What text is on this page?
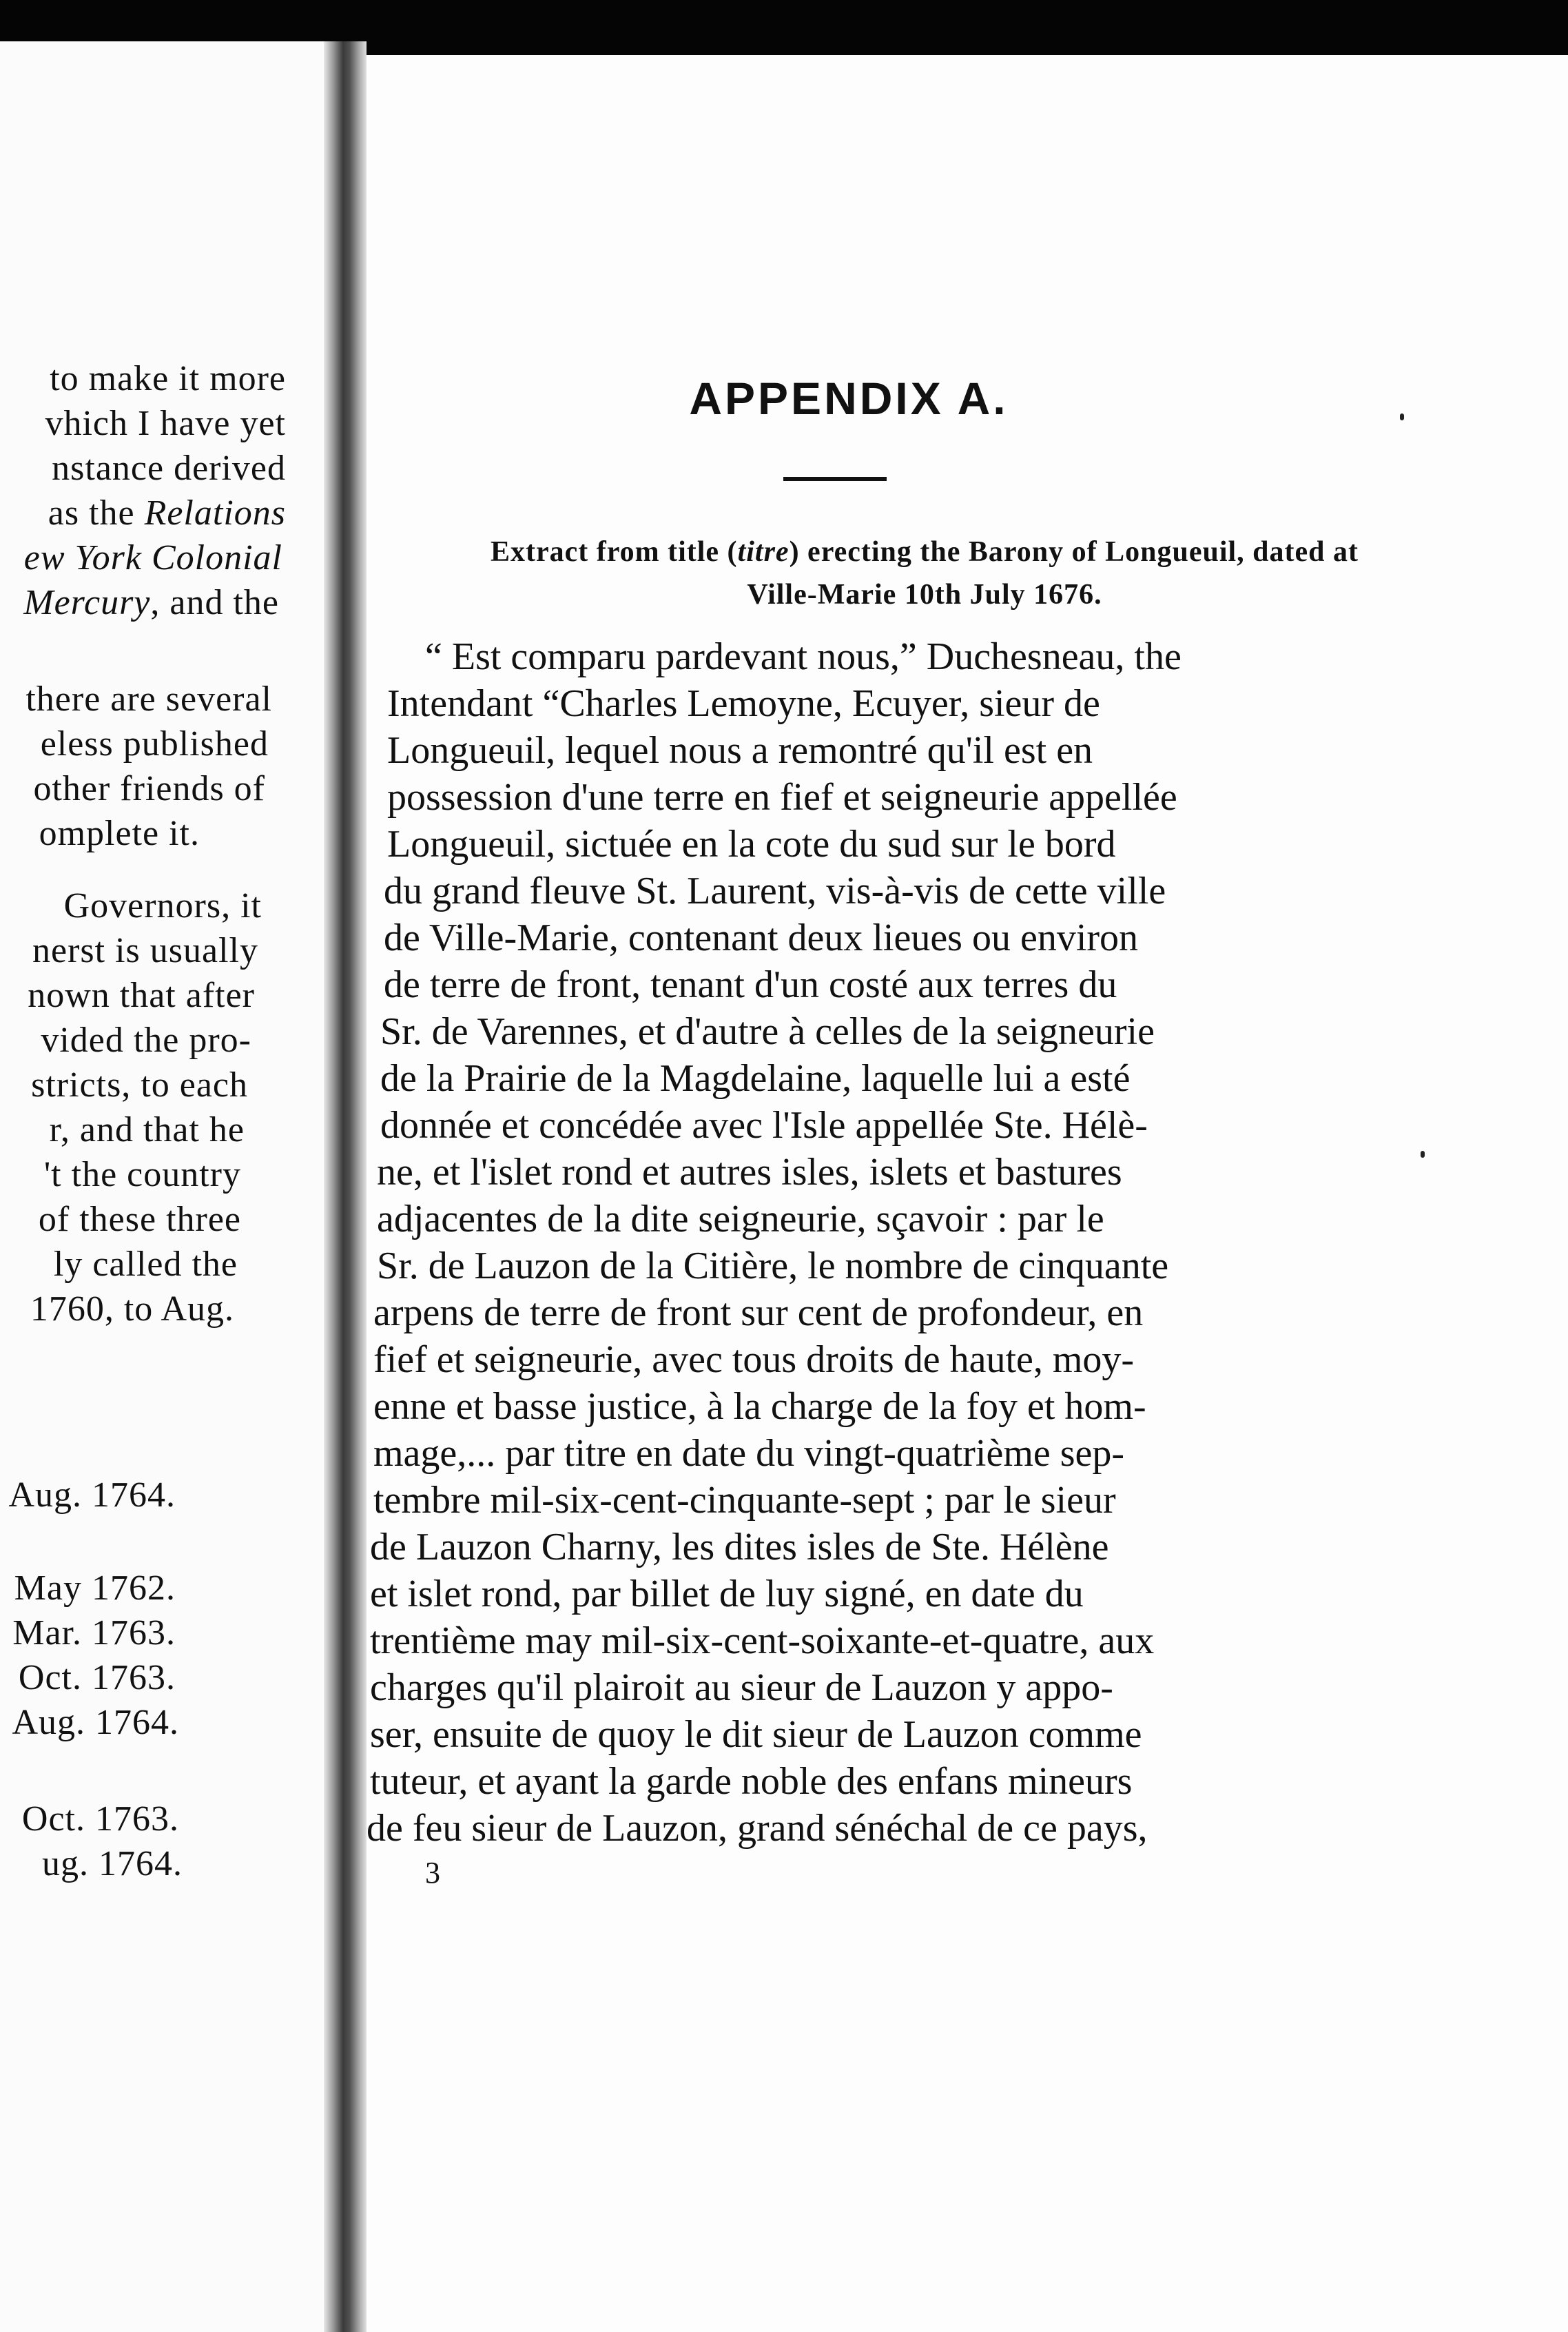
to make it more
vhich I have yet
nstance derived
as the Relations
ew York Colonial
Mercury, and the
there are several
eless published
other friends of
omplete it.
Governors, it
nerst is usually
nown that after
vided the pro-
stricts, to each
r, and that he
't the country
of these three
ly called the
1760, to Aug.
Aug. 1764.
May 1762.
Mar. 1763.
Oct. 1763.
Aug. 1764.
Oct. 1763.
ug. 1764.
APPENDIX A.
Extract from title (titre) erecting the Barony of Longueuil, dated at
Ville-Marie 10th July 1676.
“ Est comparu pardevant nous,” Duchesneau, the
Intendant “Charles Lemoyne, Ecuyer, sieur de
Longueuil, lequel nous a remontré qu'il est en
possession d'une terre en fief et seigneurie appellée
Longueuil, sictuée en la cote du sud sur le bord
du grand fleuve St. Laurent, vis-à-vis de cette ville
de Ville-Marie, contenant deux lieues ou environ
de terre de front, tenant d'un costé aux terres du
Sr. de Varennes, et d'autre à celles de la seigneurie
de la Prairie de la Magdelaine, laquelle lui a esté
donnée et concédée avec l'Isle appellée Ste. Hélè-
ne, et l'islet rond et autres isles, islets et bastures
adjacentes de la dite seigneurie, sçavoir : par le
Sr. de Lauzon de la Citière, le nombre de cinquante
arpens de terre de front sur cent de profondeur, en
fief et seigneurie, avec tous droits de haute, moy-
enne et basse justice, à la charge de la foy et hom-
mage,... par titre en date du vingt-quatrième sep-
tembre mil-six-cent-cinquante-sept ; par le sieur
de Lauzon Charny, les dites isles de Ste. Hélène
et islet rond, par billet de luy signé, en date du
trentième may mil-six-cent-soixante-et-quatre, aux
charges qu'il plairoit au sieur de Lauzon y appo-
ser, ensuite de quoy le dit sieur de Lauzon comme
tuteur, et ayant la garde noble des enfans mineurs
de feu sieur de Lauzon, grand sénéchal de ce pays,
3
